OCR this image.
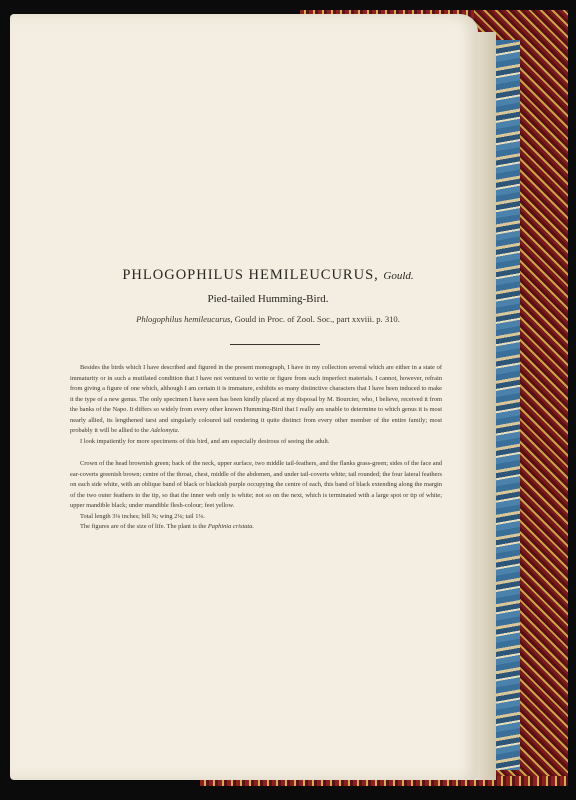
PHLOGOPHILUS HEMILEUCURUS, Gould.
Pied-tailed Humming-Bird.
Phlogophilus hemileucurus, Gould in Proc. of Zool. Soc., part xxviii. p. 310.

Besides the birds which I have described and figured in the present monograph, I have in my collection several which are either in a state of immaturity or in such a mutilated condition that I have not ventured to write or figure from such imperfect materials. I cannot, however, refrain from giving a figure of one which, although I am certain it is immature, exhibits so many distinctive characters that I have been induced to make it the type of a new genus. The only specimen I have seen has been kindly placed at my disposal by M. Bourcier, who, I believe, received it from the banks of the Napo. It differs so widely from every other known Humming-Bird that I really am unable to determine to which genus it is most nearly allied, its lengthened tarsi and singularly coloured tail rendering it quite distinct from every other member of the entire family; most probably it will be allied to the Adelomyia.

I look impatiently for more specimens of this bird, and am especially desirous of seeing the adult.

Crown of the head brownish green; back of the neck, upper surface, two middle tail-feathers, and the flanks grass-green; sides of the face and ear-coverts greenish brown; centre of the throat, chest, middle of the abdomen, and under tail-coverts white; tail rounded; the four lateral feathers on each side white, with an oblique band of black or blackish purple occupying the centre of each, this band of black extending along the margin of the two outer feathers to the tip, so that the inner web only is white; not so on the next, which is terminated with a large spot or tip of white; upper mandible black; under mandible flesh-colour; feet yellow.

Total length 3⅛ inches; bill ⅝; wing 2⅛; tail 1⅛.

The figures are of the size of life. The plant is the Paphinia cristata.
